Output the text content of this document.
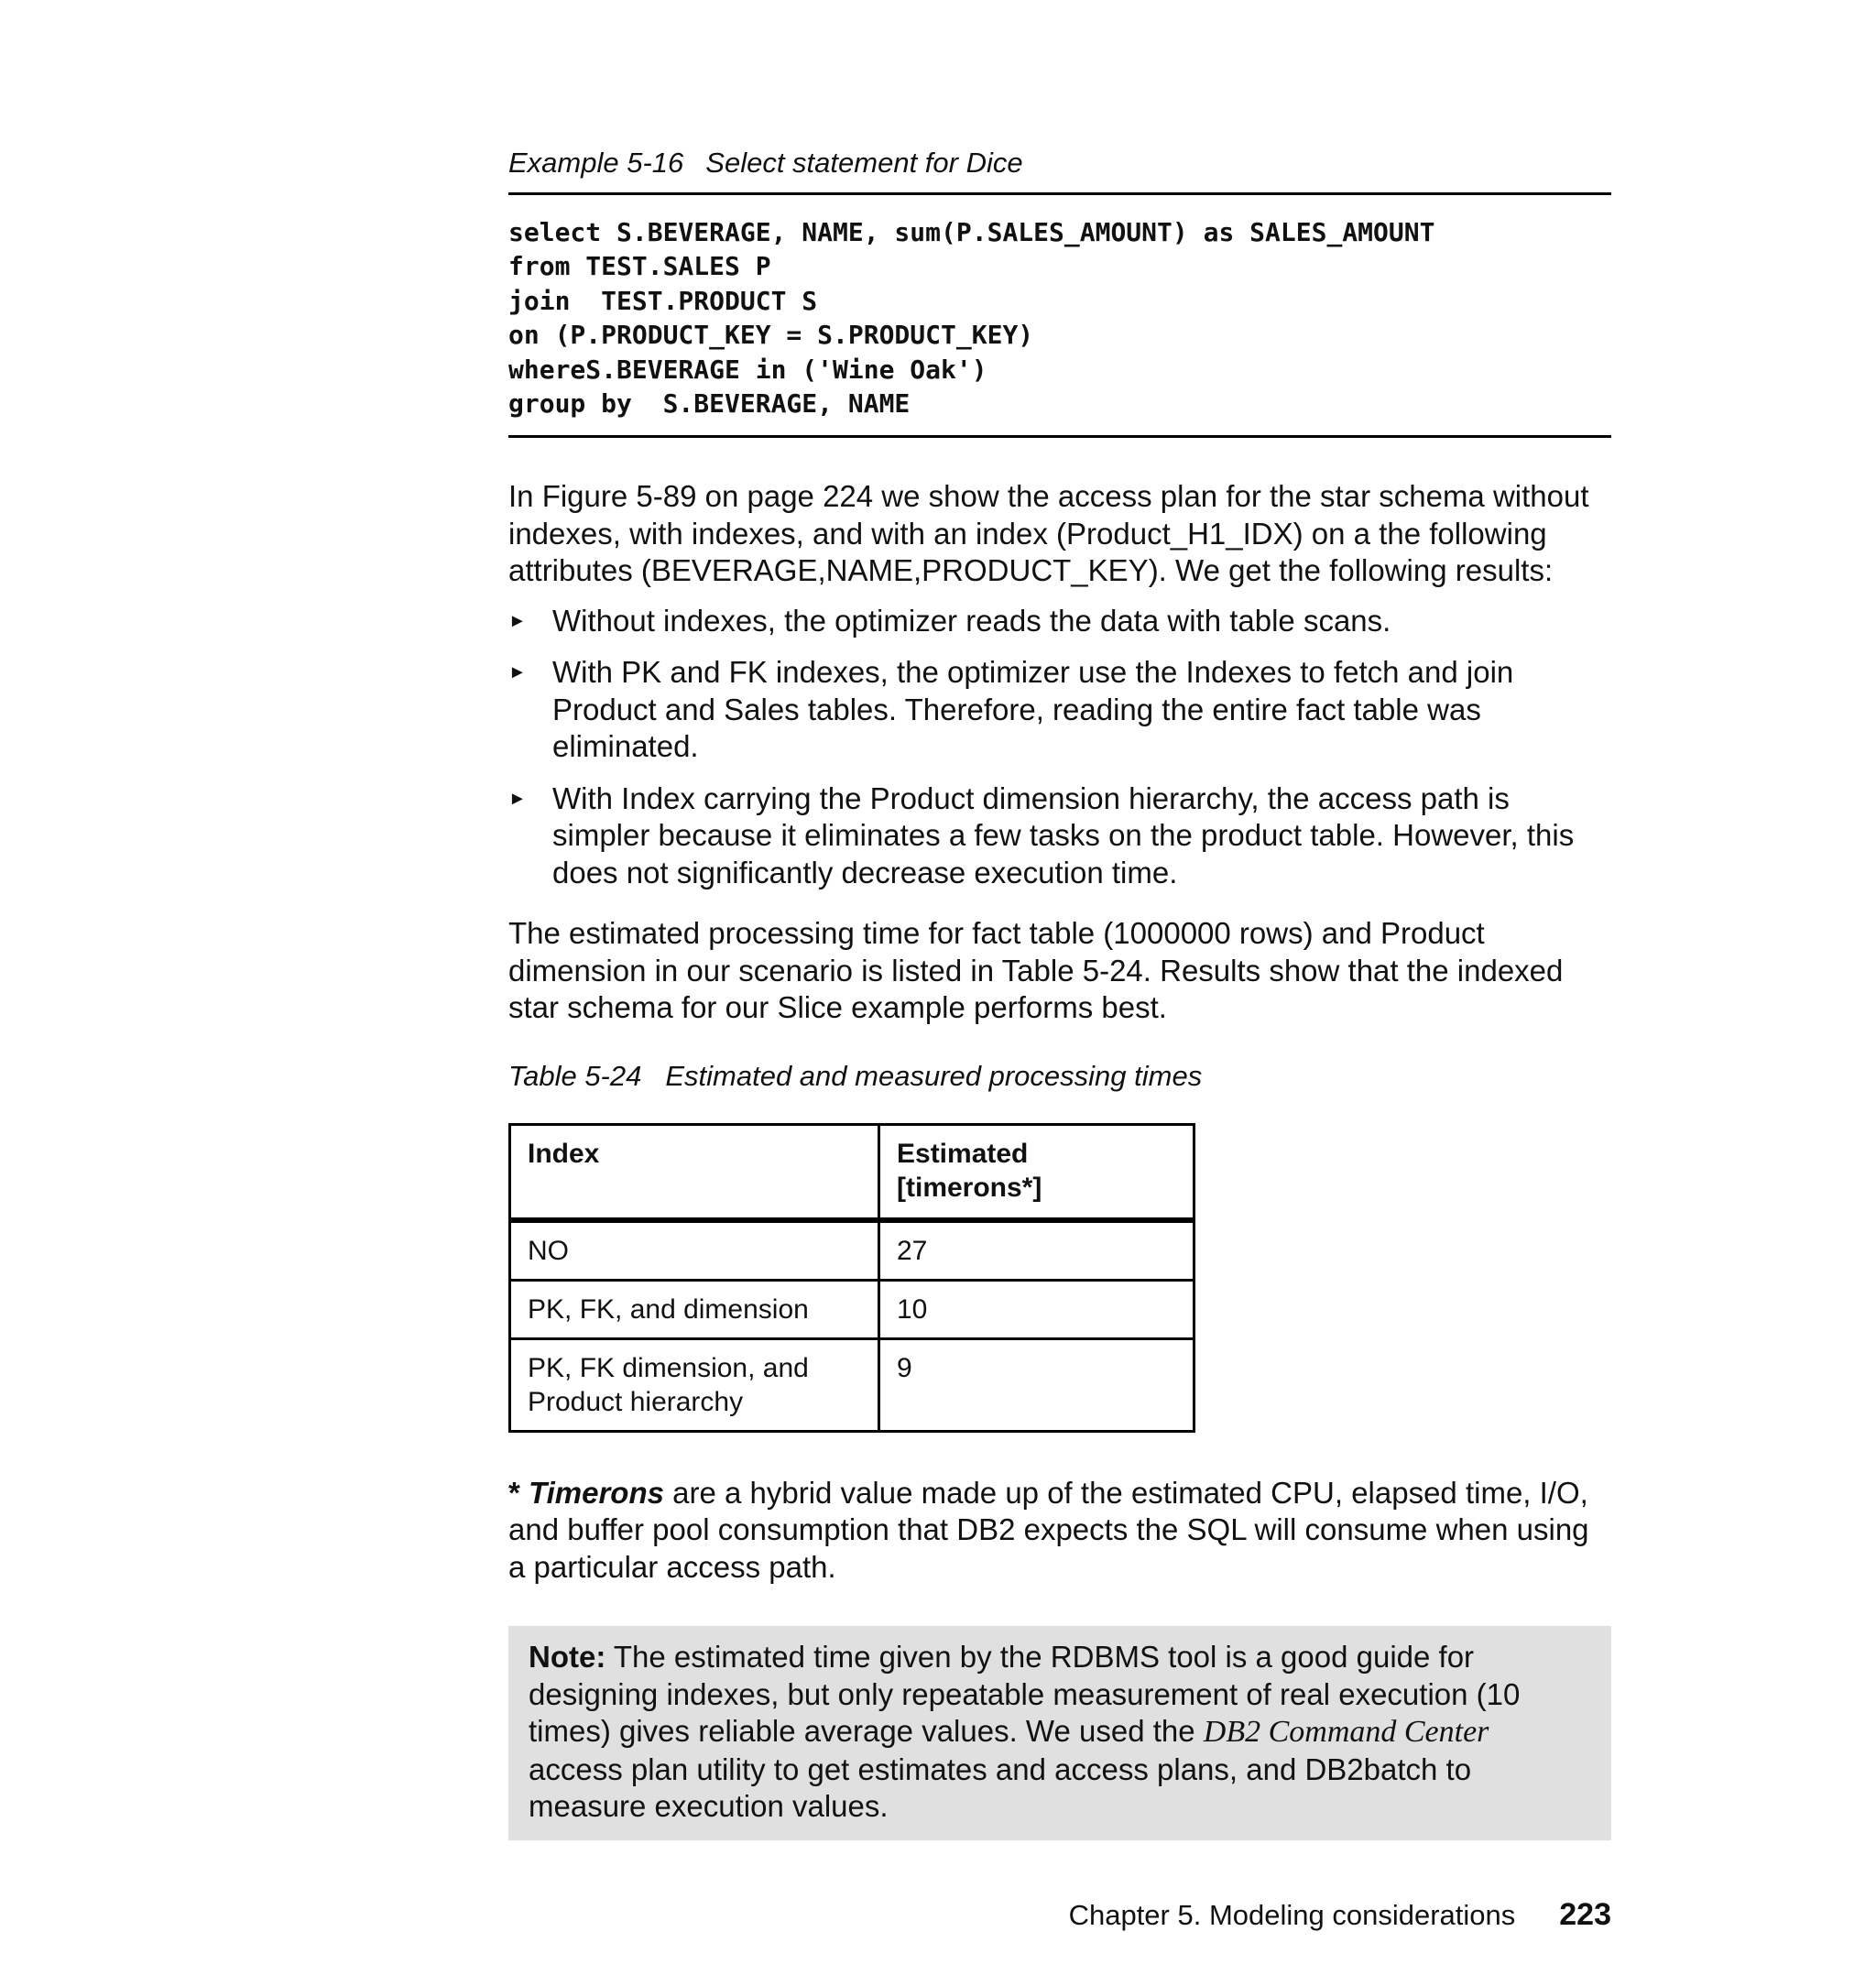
Example 5-16 Select statement for Dice

select S.BEVERAGE, NAME, sum(P.SALES_AMOUNT) as SALES_AMOUNT

from TEST.SALES P

join  TEST.PRODUCT S

on (P.PRODUCT_KEY = S.PRODUCT_KEY)

whereS.BEVERAGE in ('Wine Oak')

group by  S.BEVERAGE, NAME

In Figure 5-89 on page 224 we show the access plan for the star schema without indexes, with indexes, and with an index (Product_H1_IDX) on a the following attributes (BEVERAGE,NAME,PRODUCT_KEY). We get the following results:

► Without indexes, the optimizer reads the data with table scans.
► With PK and FK indexes, the optimizer use the Indexes to fetch and join Product and Sales tables. Therefore, reading the entire fact table was eliminated.
► With Index carrying the Product dimension hierarchy, the access path is simpler because it eliminates a few tasks on the product table. However, this does not significantly decrease execution time.

The estimated processing time for fact table (1000000 rows) and Product dimension in our scenario is listed in Table 5-24. Results show that the indexed star schema for our Slice example performs best.

Table 5-24 Estimated and measured processing times

Index	Estimated [timerons*]
NO	27
PK, FK, and dimension	10
PK, FK dimension, and Product hierarchy	9

* Timerons are a hybrid value made up of the estimated CPU, elapsed time, I/O, and buffer pool consumption that DB2 expects the SQL will consume when using a particular access path.

Note: The estimated time given by the RDBMS tool is a good guide for designing indexes, but only repeatable measurement of real execution (10 times) gives reliable average values. We used the DB2 Command Center access plan utility to get estimates and access plans, and DB2batch to measure execution values.
Chapter 5. Modeling considerations 223
